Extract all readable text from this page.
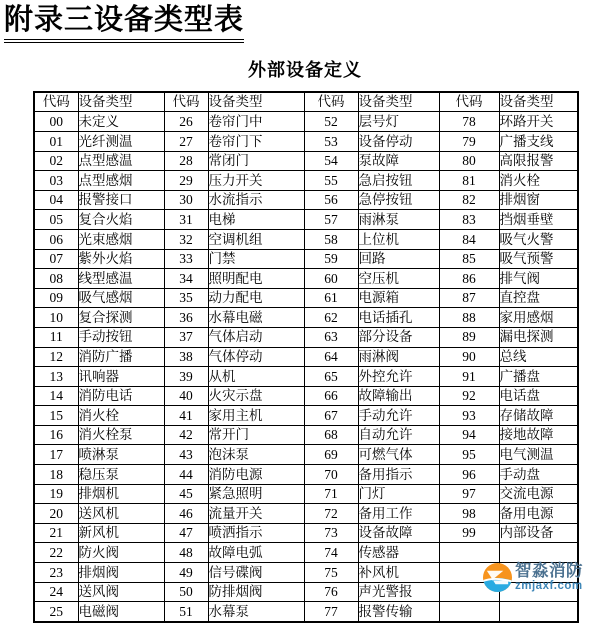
附录三设备类型表
外部设备定义
代码	设备类型	代码	设备类型	代码	设备类型	代码	设备类型
00	未定义	26	卷帘门中	52	层号灯	78	环路开关
01	光纤测温	27	卷帘门下	53	设备停动	79	广播支线
02	点型感温	28	常闭门	54	泵故障	80	高限报警
03	点型感烟	29	压力开关	55	急启按钮	81	消火栓
04	报警接口	30	水流指示	56	急停按钮	82	排烟窗
05	复合火焰	31	电梯	57	雨淋泵	83	挡烟垂壁
06	光束感烟	32	空调机组	58	上位机	84	吸气火警
07	紫外火焰	33	门禁	59	回路	85	吸气预警
08	线型感温	34	照明配电	60	空压机	86	排气阀
09	吸气感烟	35	动力配电	61	电源箱	87	直控盘
10	复合探测	36	水幕电磁	62	电话插孔	88	家用感烟
11	手动按钮	37	气体启动	63	部分设备	89	漏电探测
12	消防广播	38	气体停动	64	雨淋阀	90	总线
13	讯响器	39	从机	65	外控允许	91	广播盘
14	消防电话	40	火灾示盘	66	故障输出	92	电话盘
15	消火栓	41	家用主机	67	手动允许	93	存储故障
16	消火栓泵	42	常开门	68	自动允许	94	接地故障
17	喷淋泵	43	泡沫泵	69	可燃气体	95	电气测温
18	稳压泵	44	消防电源	70	备用指示	96	手动盘
19	排烟机	45	紧急照明	71	门灯	97	交流电源
20	送风机	46	流量开关	72	备用工作	98	备用电源
21	新风机	47	喷洒指示	73	设备故障	99	内部设备
22	防火阀	48	故障电弧	74	传感器		
23	排烟阀	49	信号碟阀	75	补风机		
24	送风阀	50	防排烟阀	76	声光警报		
25	电磁阀	51	水幕泵	77	报警传输		
智淼消防
zmjaxf.com
